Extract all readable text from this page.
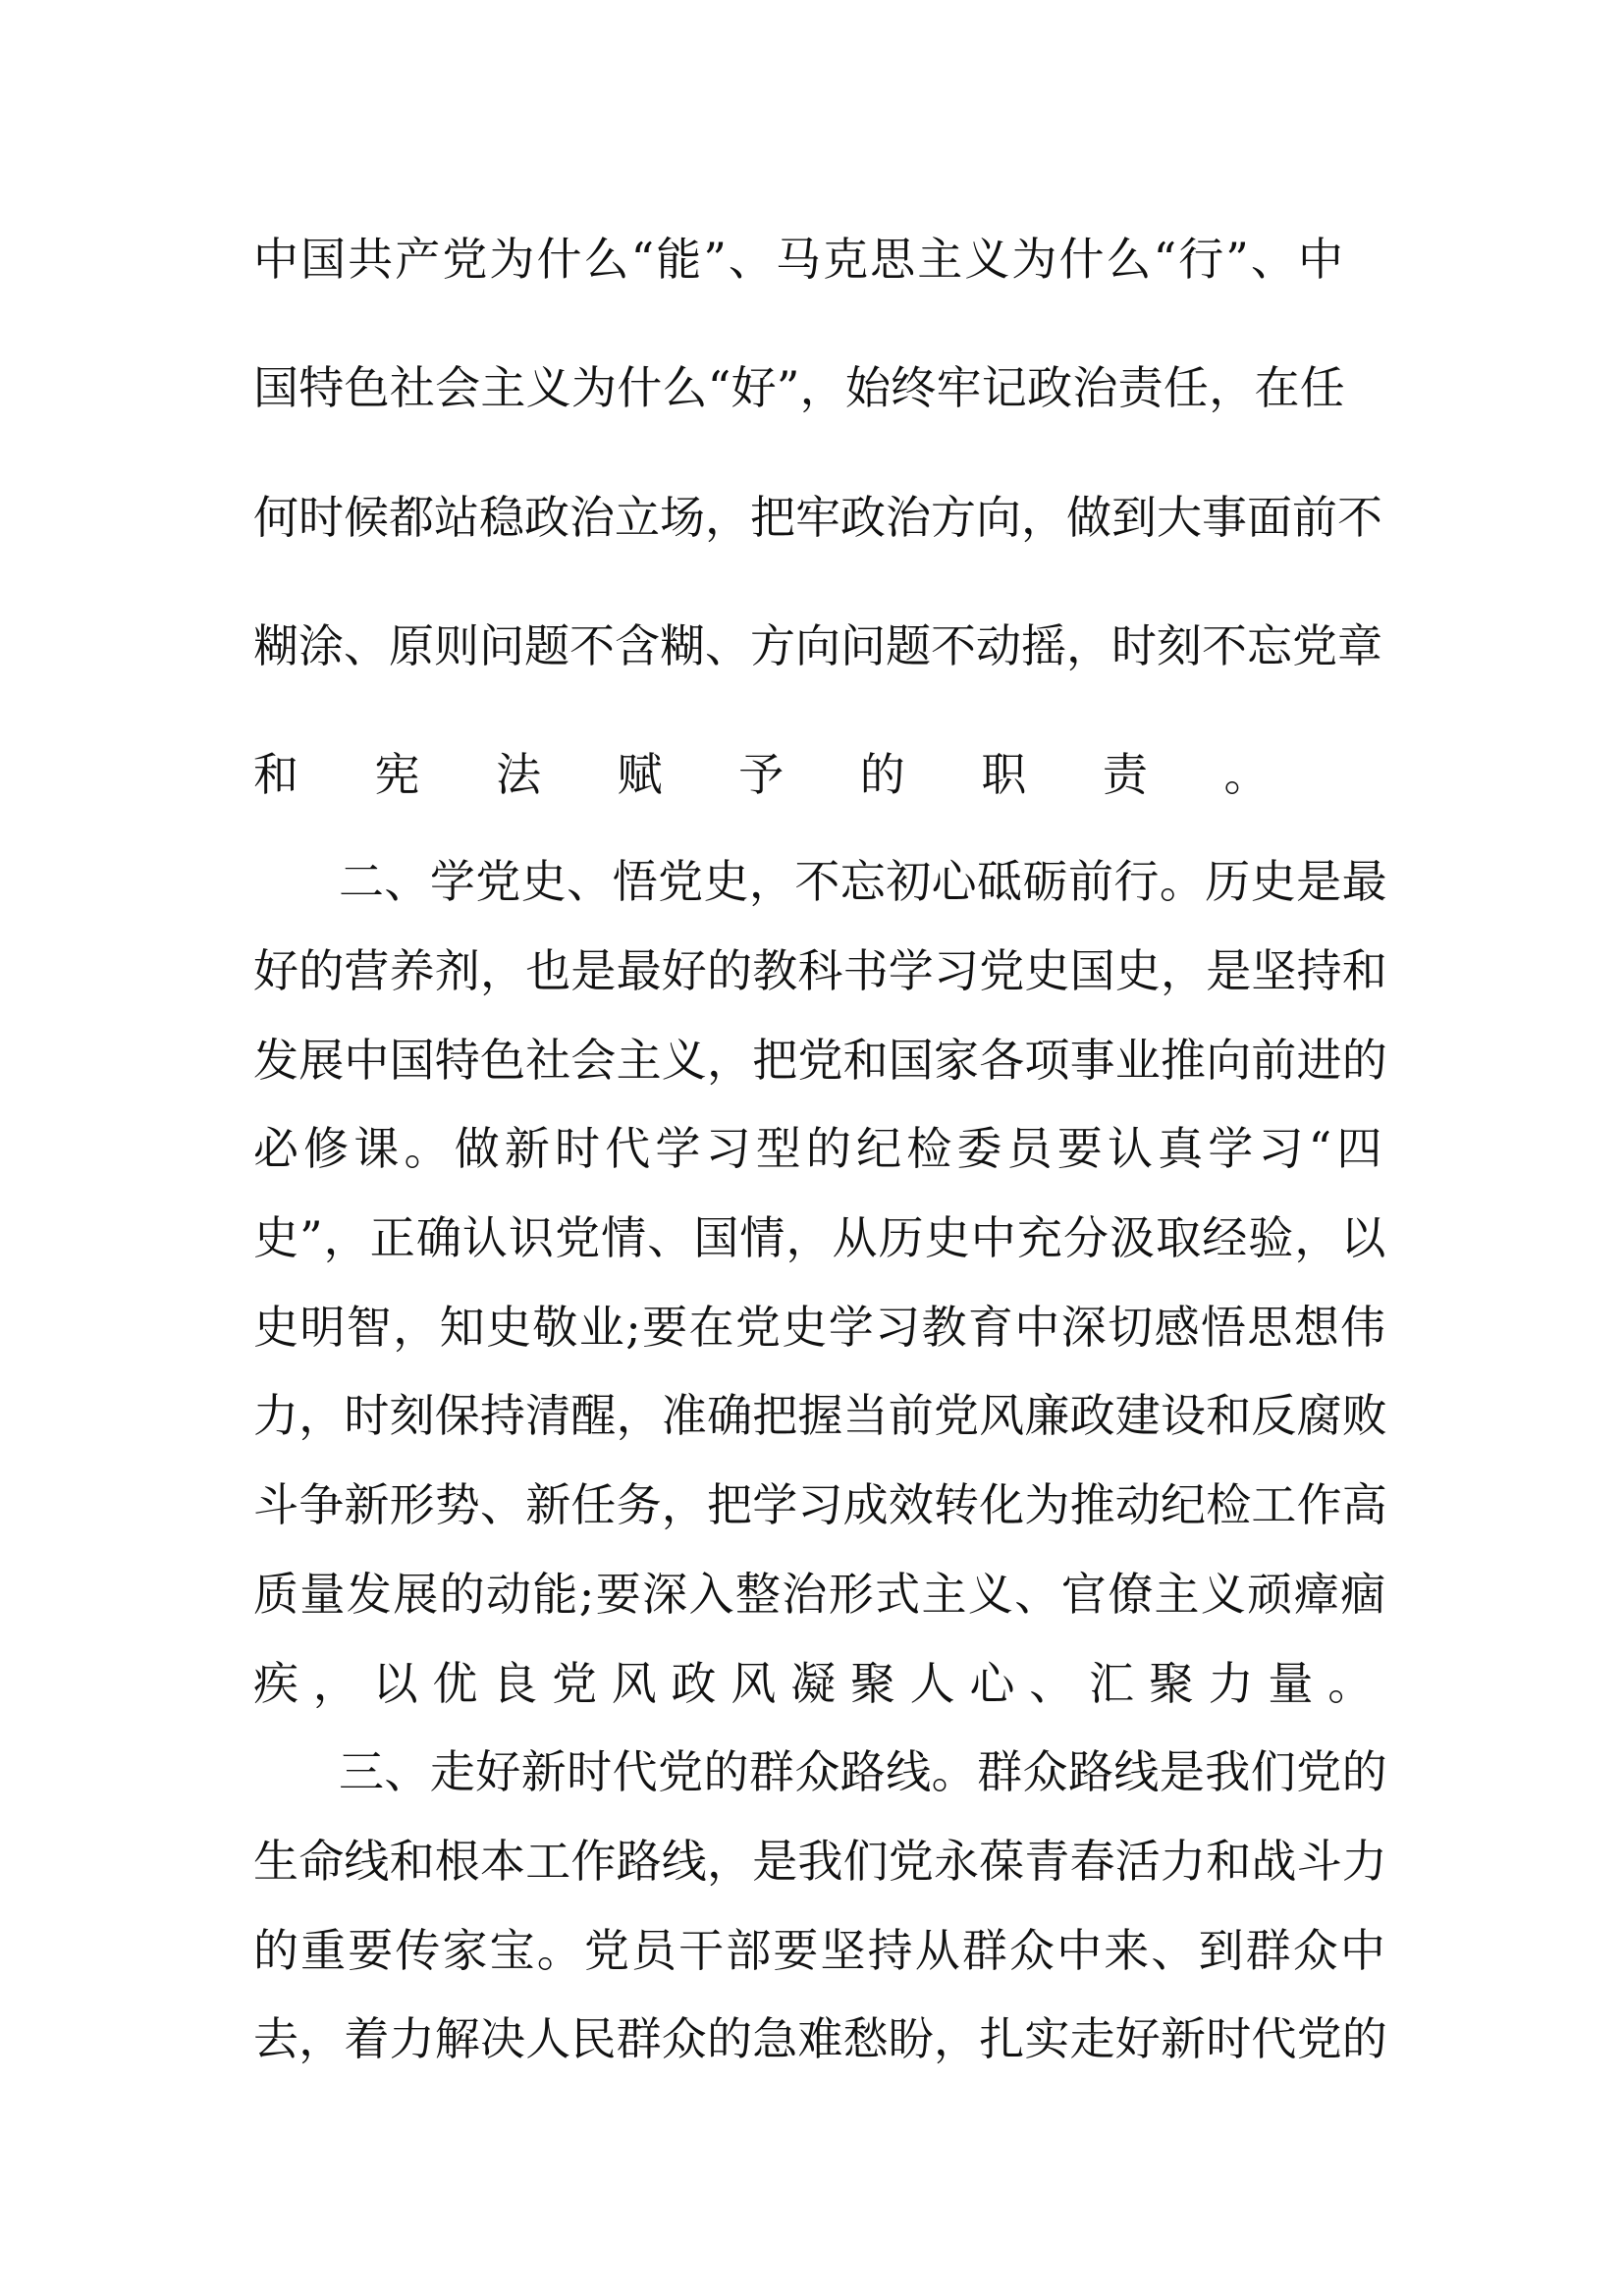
中国共产党为什么“能”、马克思主义为什么“行”、中

国特色社会主义为什么“好”，始终牢记政治责任，在任

何时候都站稳政治立场，把牢政治方向，做到大事面前不

糊涂、原则问题不含糊、方向问题不动摇，时刻不忘党章

和宪法赋予的职责。

二、学党史、悟党史，不忘初心砥砺前行。历史是最

好的营养剂，也是最好的教科书学习党史国史，是坚持和

发展中国特色社会主义，把党和国家各项事业推向前进的

必修课。做新时代学习型的纪检委员要认真学习“四

史”，正确认识党情、国情，从历史中充分汲取经验，以

史明智，知史敬业;要在党史学习教育中深切感悟思想伟

力，时刻保持清醒，准确把握当前党风廉政建设和反腐败

斗争新形势、新任务，把学习成效转化为推动纪检工作高

质量发展的动能;要深入整治形式主义、官僚主义顽瘴痼

疾，以优良党风政风凝聚人心、汇聚力量。

三、走好新时代党的群众路线。群众路线是我们党的

生命线和根本工作路线，是我们党永葆青春活力和战斗力

的重要传家宝。党员干部要坚持从群众中来、到群众中

去，着力解决人民群众的急难愁盼，扎实走好新时代党的
